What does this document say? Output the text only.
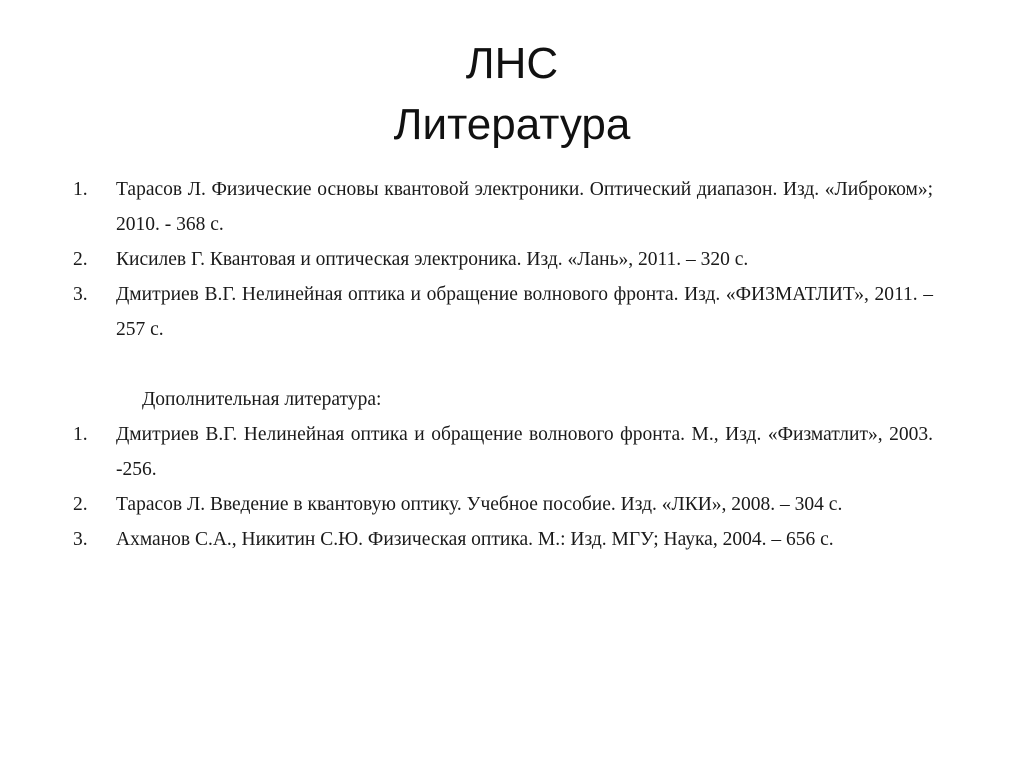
ЛНС
Литература
1.	Тарасов Л. Физические основы квантовой электроники. Оптический диапазон. Изд. «Либроком»; 2010. - 368 с.
2.	Кисилев Г. Квантовая и оптическая электроника. Изд. «Лань», 2011. – 320 с.
3.	Дмитриев В.Г. Нелинейная оптика и обращение волнового фронта. Изд. «ФИЗМАТЛИТ», 2011. – 257 с.
Дополнительная литература:
1.	Дмитриев В.Г. Нелинейная оптика и обращение волнового фронта. М., Изд. «Физматлит», 2003. -256.
2.	Тарасов Л. Введение в квантовую оптику. Учебное пособие. Изд. «ЛКИ», 2008. – 304 с.
3.	Ахманов С.А., Никитин С.Ю. Физическая оптика. М.: Изд. МГУ; Наука, 2004. – 656 с.
